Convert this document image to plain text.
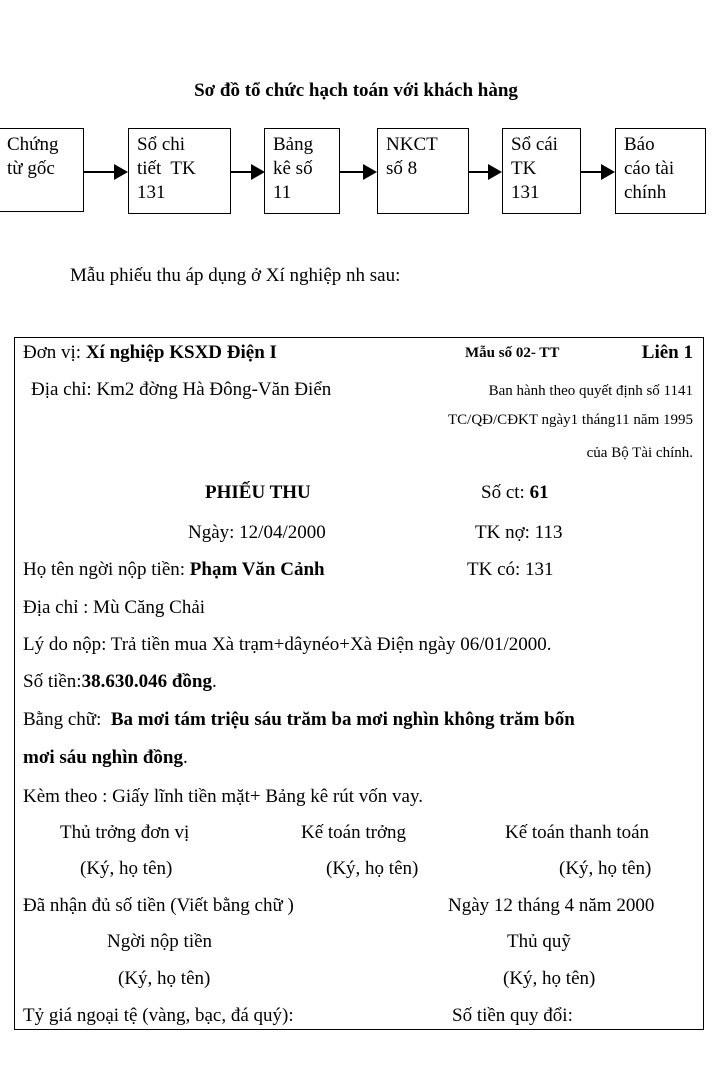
Sơ đồ tổ chức hạch toán với khách hàng
Chứng
từ gốc
Sổ chi
tiết  TK
131
Bảng
kê số
11
NKCT
số 8
Sổ cái
TK
131
Báo
cáo tài
chính
Mẫu phiếu thu áp dụng ở Xí nghiệp nh sau:
Đơn vị: Xí nghiệp KSXD Điện I	Mẫu số 02- TT	Liên 1
Địa chỉ: Km2 đờng Hà Đông-Văn Điển	Ban hành theo quyết định số 1141
TC/QĐ/CĐKT ngày1 tháng11 năm 1995
của Bộ Tài chính.
PHIẾU THU	Số ct: 61
Ngày: 12/04/2000	TK nợ: 113
Họ tên ngời nộp tiền: Phạm Văn Cảnh	TK có: 131
Địa chỉ : Mù Căng Chải
Lý do nộp: Trả tiền mua Xà trạm+dâynéo+Xà Điện ngày 06/01/2000.
Số tiền:38.630.046 đồng.
Bằng chữ:  Ba mơi tám triệu sáu trăm ba mơi nghìn không trăm bốn
mơi sáu nghìn đồng.
Kèm theo : Giấy lĩnh tiền mặt+ Bảng kê rút vốn vay.
Thủ trởng đơn vị	Kế toán trởng	Kế toán thanh toán
(Ký, họ tên)	(Ký, họ tên)	(Ký, họ tên)
Đã nhận đủ số tiền (Viết bằng chữ )	Ngày 12 tháng 4 năm 2000
Ngời nộp tiền	Thủ quỹ
(Ký, họ tên)	(Ký, họ tên)
Tỷ giá ngoại tệ (vàng, bạc, đá quý):	Số tiền quy đổi:
